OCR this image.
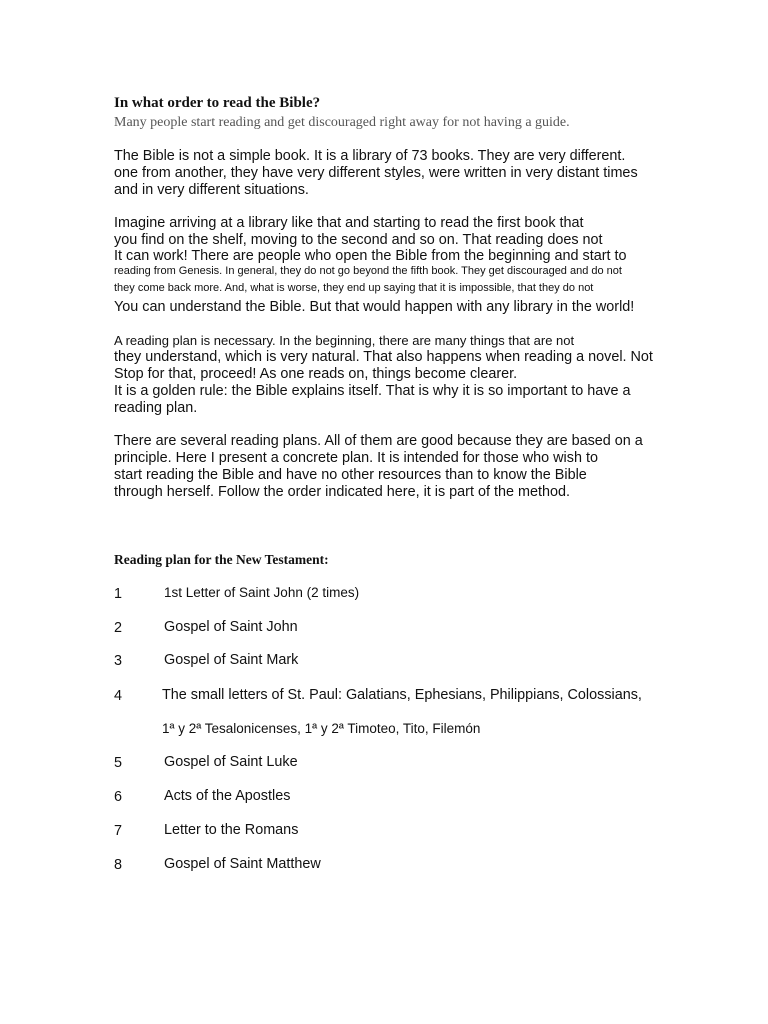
In what order to read the Bible?
Many people start reading and get discouraged right away for not having a guide.
The Bible is not a simple book. It is a library of 73 books. They are very different.
one from another, they have very different styles, were written in very distant times
and in very different situations.
Imagine arriving at a library like that and starting to read the first book that
you find on the shelf, moving to the second and so on. That reading does not
It can work! There are people who open the Bible from the beginning and start to
reading from Genesis. In general, they do not go beyond the fifth book. They get discouraged and do not
they come back more. And, what is worse, they end up saying that it is impossible, that they do not
You can understand the Bible. But that would happen with any library in the world!
A reading plan is necessary. In the beginning, there are many things that are not
they understand, which is very natural. That also happens when reading a novel. Not
Stop for that, proceed! As one reads on, things become clearer.
It is a golden rule: the Bible explains itself. That is why it is so important to have a
reading plan.
There are several reading plans. All of them are good because they are based on a
principle. Here I present a concrete plan. It is intended for those who wish to
start reading the Bible and have no other resources than to know the Bible
through herself. Follow the order indicated here, it is part of the method.
Reading plan for the New Testament:
1	1st Letter of Saint John (2 times)
2	Gospel of Saint John
3	Gospel of Saint Mark
4	The small letters of St. Paul: Galatians, Ephesians, Philippians, Colossians,
1ª y 2ª Tesalonicenses, 1ª y 2ª Timoteo, Tito, Filemón
5	Gospel of Saint Luke
6	Acts of the Apostles
7	Letter to the Romans
8	Gospel of Saint Matthew
